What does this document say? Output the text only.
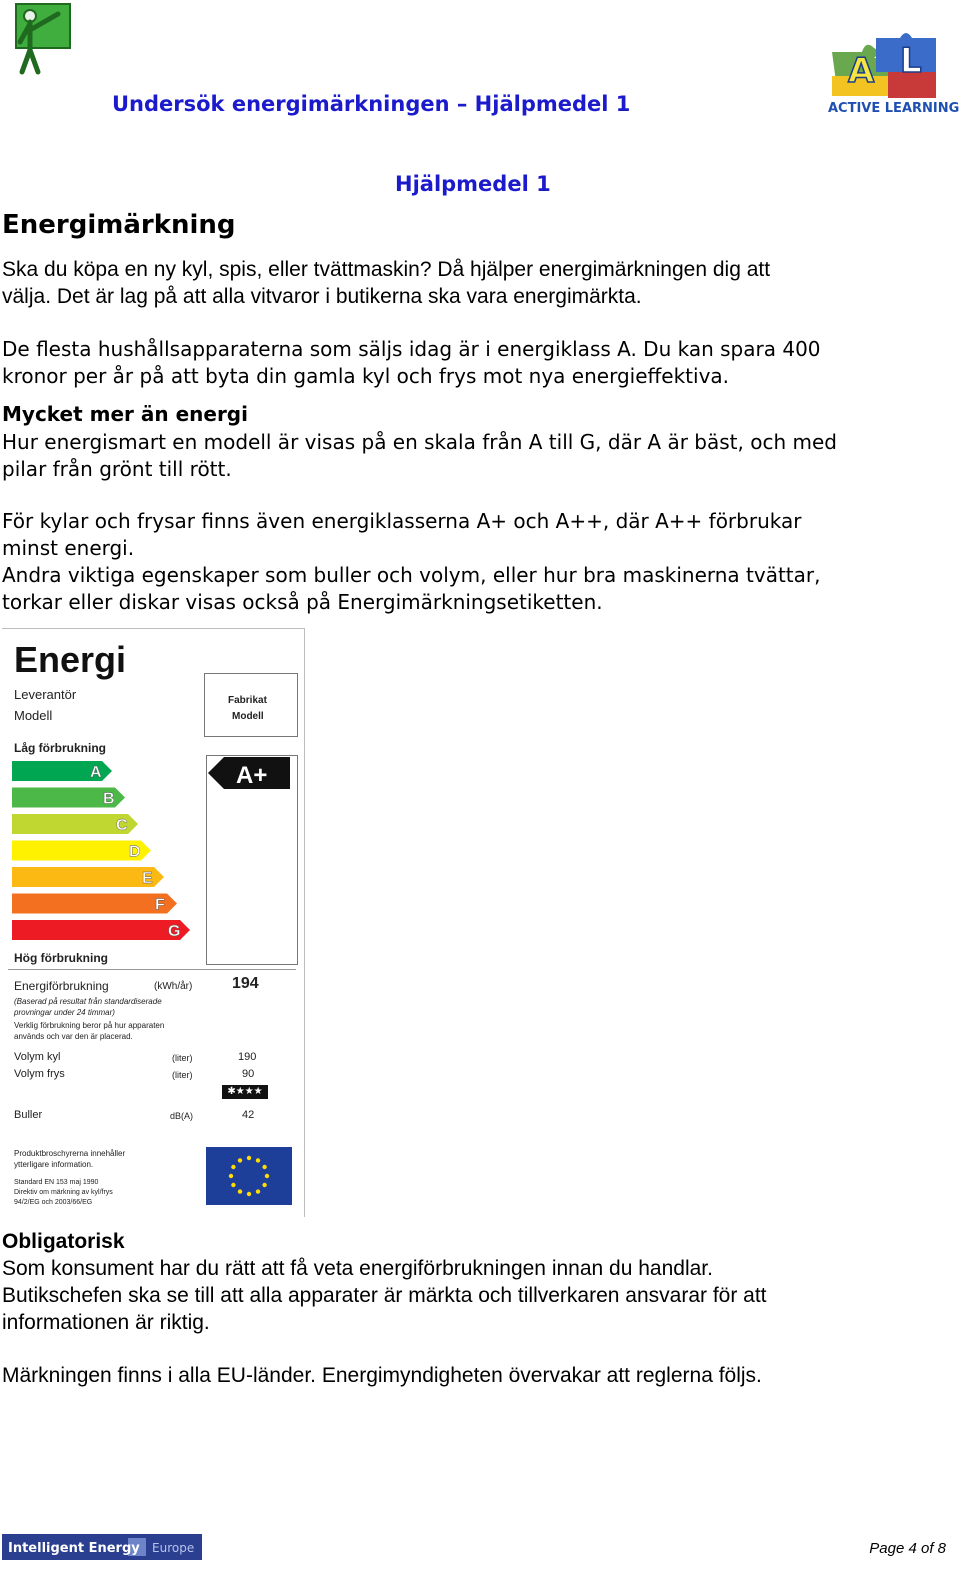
A L
ACTIVE LEARNING
Undersök energimärkningen – Hjälpmedel 1
Hjälpmedel 1
Energimärkning
Ska du köpa en ny kyl, spis, eller tvättmaskin? Då hjälper energimärkningen dig att
välja. Det är lag på att alla vitvaror i butikerna ska vara energimärkta.
De flesta hushållsapparaterna som säljs idag är i energiklass A. Du kan spara 400
kronor per år på att byta din gamla kyl och frys mot nya energieffektiva.
Mycket mer än energi
Hur energismart en modell är visas på en skala från A till G, där A är bäst, och med
pilar från grönt till rött.
För kylar och frysar finns även energiklasserna A+ och A++, där A++ förbrukar
minst energi.
Andra viktiga egenskaper som buller och volym, eller hur bra maskinerna tvättar,
torkar eller diskar visas också på Energimärkningsetiketten.
Energi
Leverantör
Modell
Fabrikat
Modell
Låg förbrukning
A
B
C
D
E
F
G
A+
Hög förbrukning
Energiförbrukning	(kWh/år) 194
(Baserad på resultat från standardiserade
provningar under 24 timmar)
Verklig förbrukning beror på hur apparaten
används och var den är placerad.
Volym kyl	(liter)	190
Volym frys	(liter)	90
✱★★★
Buller	dB(A)	42
Produktbroschyrerna innehåller
ytterligare information.
Standard EN 153 maj 1990
Direktiv om märkning av kyl/frys
94/2/EG och 2003/66/EG
Obligatorisk
Som konsument har du rätt att få veta energiförbrukningen innan du handlar.
Butikschefen ska se till att alla apparater är märkta och tillverkaren ansvarar för att
informationen är riktig.
Märkningen finns i alla EU-länder. Energimyndigheten övervakar att reglerna följs.
Intelligent Energy Europe	Page 4 of 8
